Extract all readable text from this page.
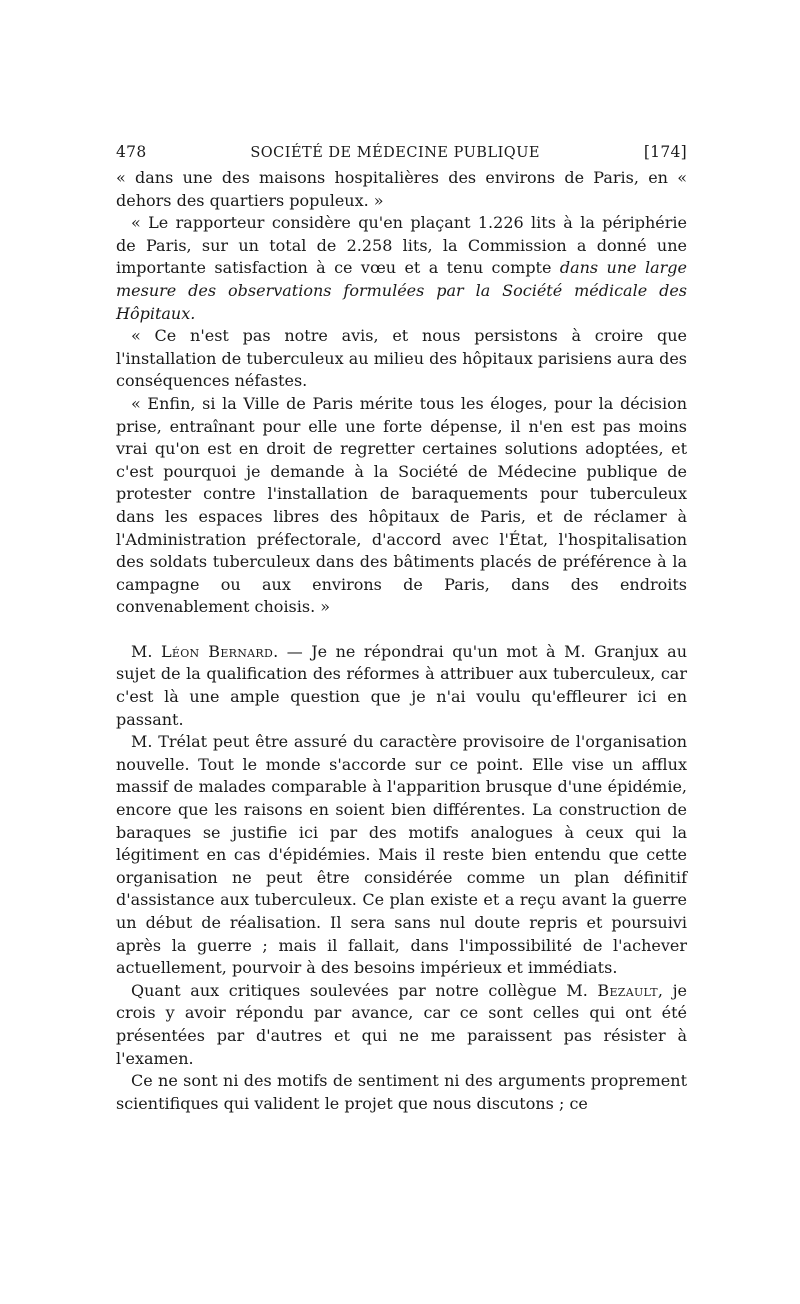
478	SOCIÉTÉ DE MÉDECINE PUBLIQUE	[174]

« dans une des maisons hospitalières des environs de Paris, en « dehors des quartiers populeux. »

« Le rapporteur considère qu'en plaçant 1.226 lits à la périphérie de Paris, sur un total de 2.258 lits, la Commission a donné une importante satisfaction à ce vœu et a tenu compte dans une large mesure des observations formulées par la Société médicale des Hôpitaux.

« Ce n'est pas notre avis, et nous persistons à croire que l'installation de tuberculeux au milieu des hôpitaux parisiens aura des conséquences néfastes.

« Enfin, si la Ville de Paris mérite tous les éloges, pour la décision prise, entraînant pour elle une forte dépense, il n'en est pas moins vrai qu'on est en droit de regretter certaines solutions adoptées, et c'est pourquoi je demande à la Société de Médecine publique de protester contre l'installation de baraquements pour tuberculeux dans les espaces libres des hôpitaux de Paris, et de réclamer à l'Administration préfectorale, d'accord avec l'État, l'hospitalisation des soldats tuberculeux dans des bâtiments placés de préférence à la campagne ou aux environs de Paris, dans des endroits convenablement choisis. »

M. Léon Bernard. — Je ne répondrai qu'un mot à M. Granjux au sujet de la qualification des réformes à attribuer aux tuberculeux, car c'est là une ample question que je n'ai voulu qu'effleurer ici en passant.

M. Trélat peut être assuré du caractère provisoire de l'organisation nouvelle. Tout le monde s'accorde sur ce point. Elle vise un afflux massif de malades comparable à l'apparition brusque d'une épidémie, encore que les raisons en soient bien différentes. La construction de baraques se justifie ici par des motifs analogues à ceux qui la légitiment en cas d'épidémies. Mais il reste bien entendu que cette organisation ne peut être considérée comme un plan définitif d'assistance aux tuberculeux. Ce plan existe et a reçu avant la guerre un début de réalisation. Il sera sans nul doute repris et poursuivi après la guerre ; mais il fallait, dans l'impossibilité de l'achever actuellement, pourvoir à des besoins impérieux et immédiats.

Quant aux critiques soulevées par notre collègue M. Bezault, je crois y avoir répondu par avance, car ce sont celles qui ont été présentées par d'autres et qui ne me paraissent pas résister à l'examen.

Ce ne sont ni des motifs de sentiment ni des arguments proprement scientifiques qui valident le projet que nous discutons ; ce
